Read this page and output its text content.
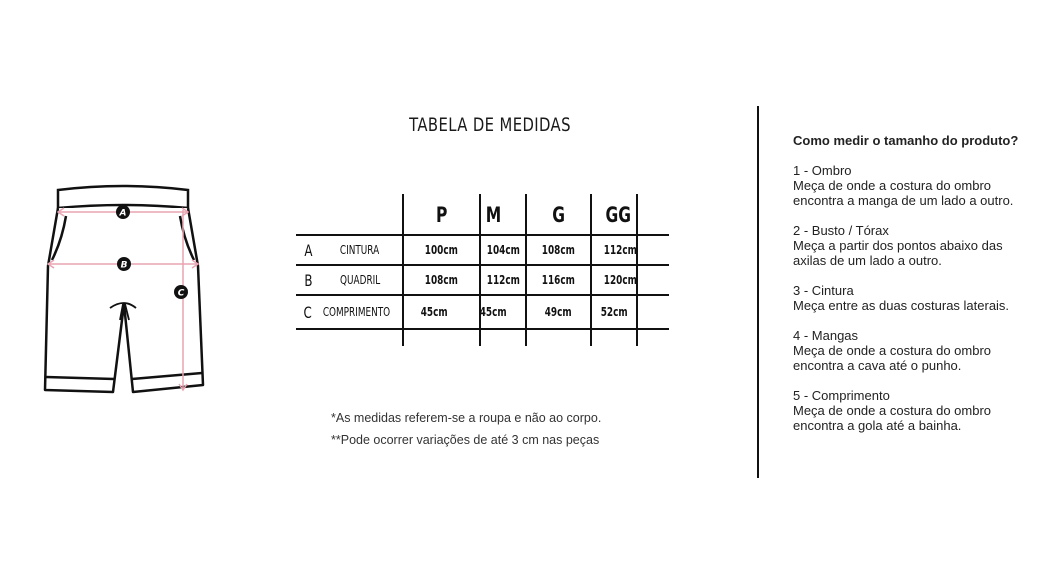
TABELA DE MEDIDAS
A
B
C
P M G GG
A CINTURA	100cm 104cm 108cm 112cm
B QUADRIL	108cm 112cm 116cm 120cm
C COMPRIMENTO	45cm	45cm	49cm 52cm
*As medidas referem-se a roupa e não ao corpo.
**Pode ocorrer variações de até 3 cm nas peças
Como medir o tamanho do produto?
1 - Ombro
Meça de onde a costura do ombro encontra a manga de um lado a outro.
2 - Busto / Tórax
Meça a partir dos pontos abaixo das axilas de um lado a outro.
3 - Cintura
Meça entre as duas costuras laterais.
4 - Mangas
Meça de onde a costura do ombro encontra a cava até o punho.
5 - Comprimento
Meça de onde a costura do ombro encontra a gola até a bainha.
